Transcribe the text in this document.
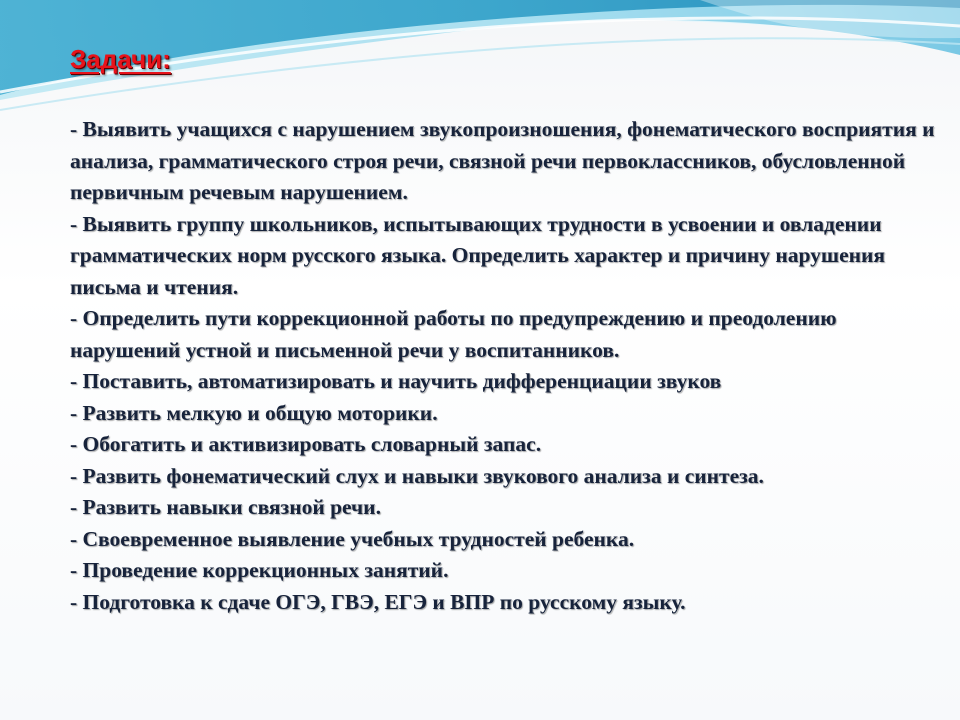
Задачи:
- Выявить учащихся с нарушением звукопроизношения, фонематического восприятия и анализа, грамматического строя речи, связной речи первоклассников, обусловленной первичным речевым нарушением.
- Выявить группу школьников, испытывающих трудности в усвоении и овладении грамматических норм русского языка. Определить характер и причину нарушения письма и чтения.
- Определить пути коррекционной работы по предупреждению и преодолению нарушений устной и письменной речи у воспитанников.
- Поставить, автоматизировать и научить дифференциации звуков
- Развить мелкую и общую моторики.
- Обогатить и активизировать словарный запас.
- Развить фонематический слух и навыки звукового анализа и синтеза.
- Развить навыки связной речи.
- Своевременное выявление учебных трудностей ребенка.
- Проведение коррекционных занятий.
- Подготовка к сдаче ОГЭ, ГВЭ, ЕГЭ и ВПР по русскому языку.
